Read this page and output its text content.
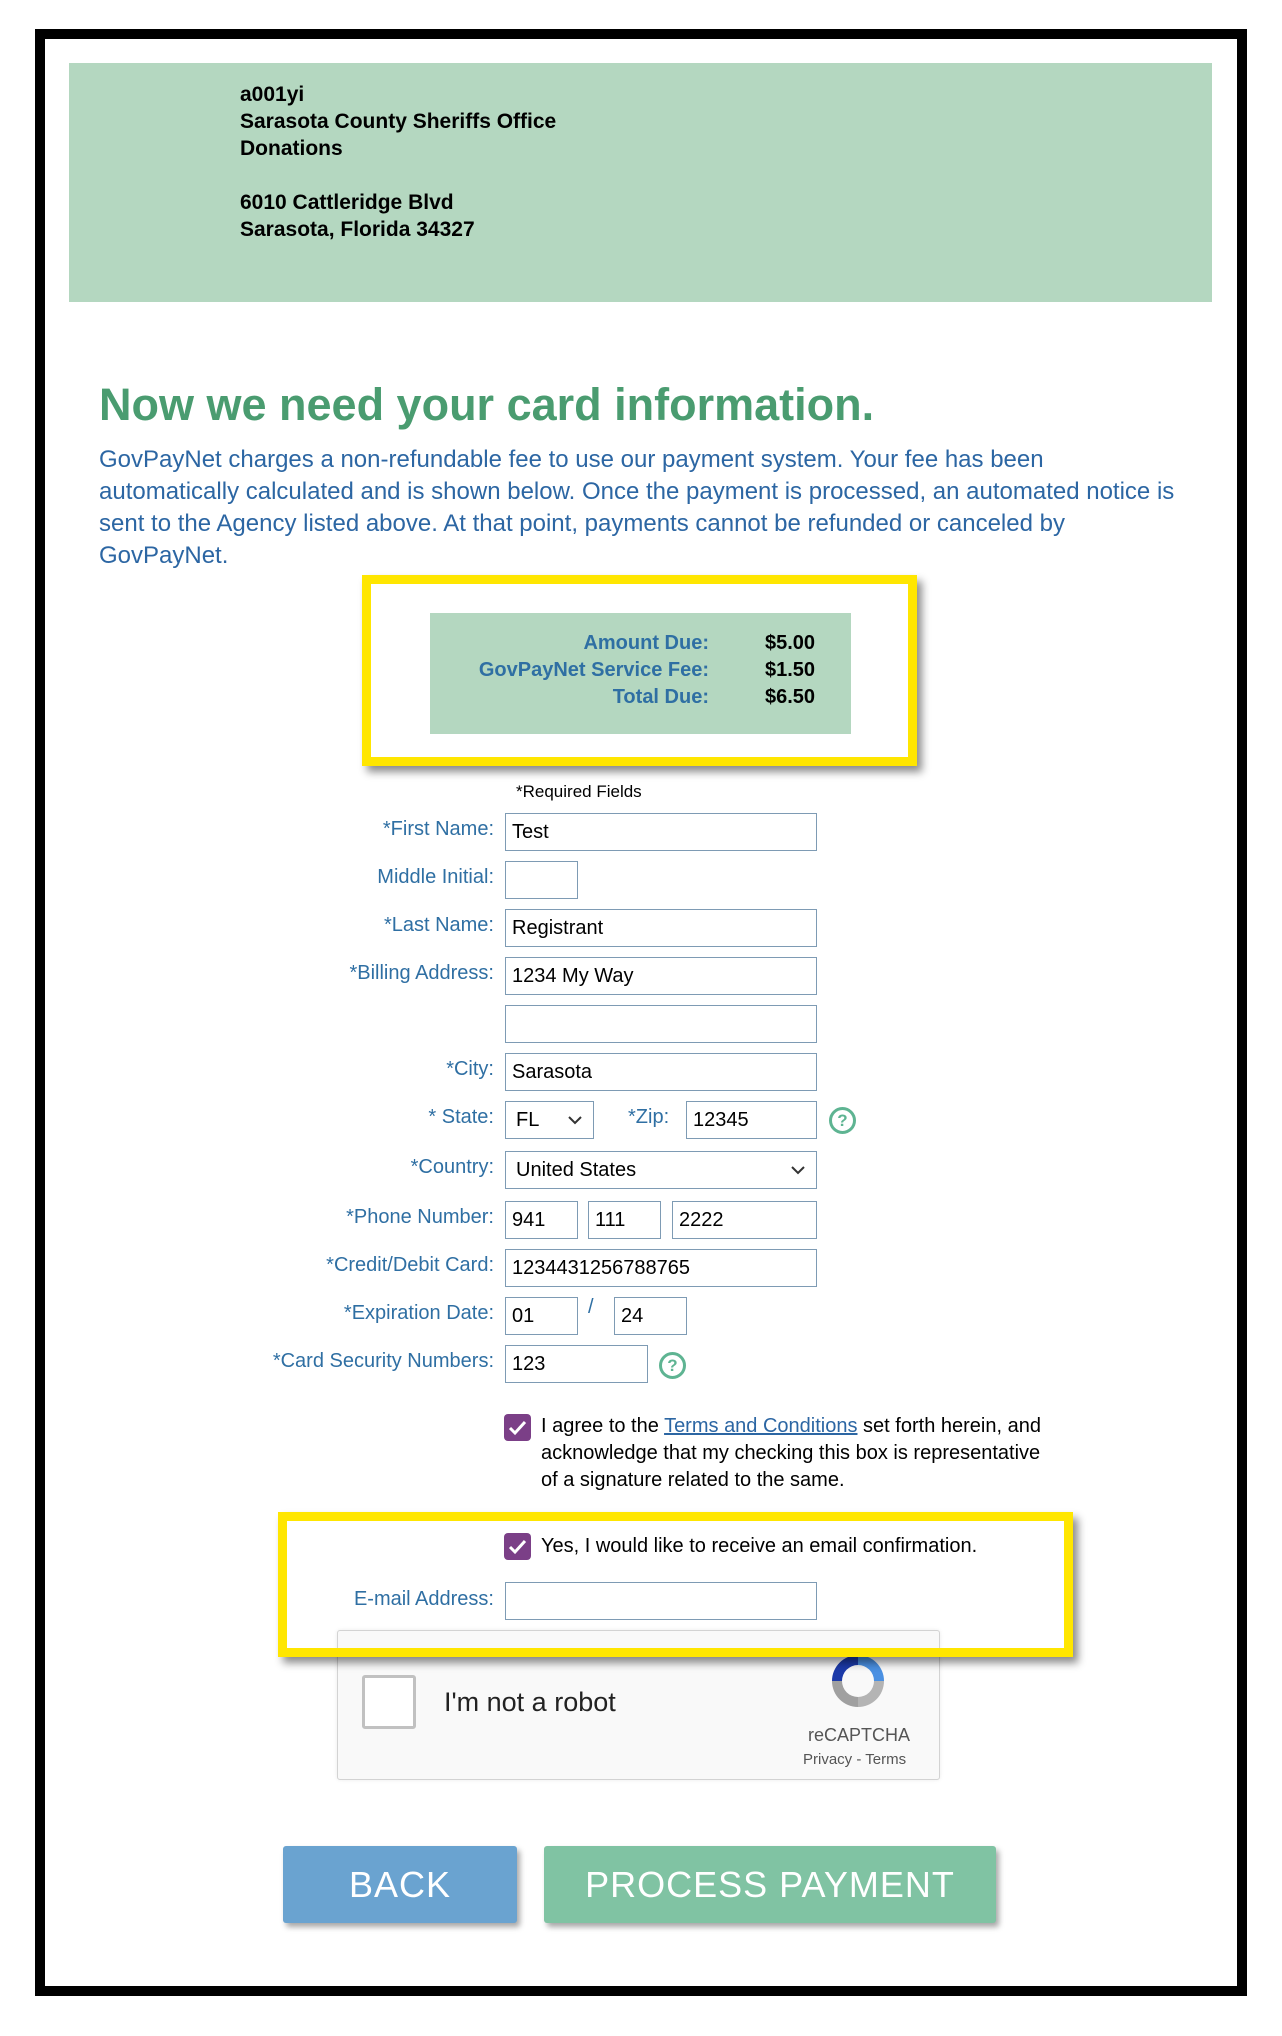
a001yi
Sarasota County Sheriffs Office
Donations
6010 Cattleridge Blvd
Sarasota, Florida 34327
Now we need your card information.

GovPayNet charges a non-refundable fee to use our payment system. Your fee has been automatically calculated and is shown below. Once the payment is processed, an automated notice is sent to the Agency listed above. At that point, payments cannot be refunded or canceled by GovPayNet.

Amount Due:	$5.00
GovPayNet Service Fee:	$1.50
Total Due:	$6.50
*Required Fields
*First Name:
Test
Middle Initial:
*Last Name:
Registrant
*Billing Address:
1234 My Way
*City:
Sarasota
* State: FL	*Zip:
12345	?
*Country: United States
*Phone Number:
941
111
2222
*Credit/Debit Card:
1234431256788765
*Expiration Date:
01	/
24
*Card Security Numbers:
123	?
I agree to the Terms and Conditions set forth herein, and acknowledge that my checking this box is representative of a signature related to the same.
Yes, I would like to receive an email confirmation.
E-mail Address:
I'm not a robot
reCAPTCHA
Privacy - Terms
BACK	PROCESS PAYMENT
